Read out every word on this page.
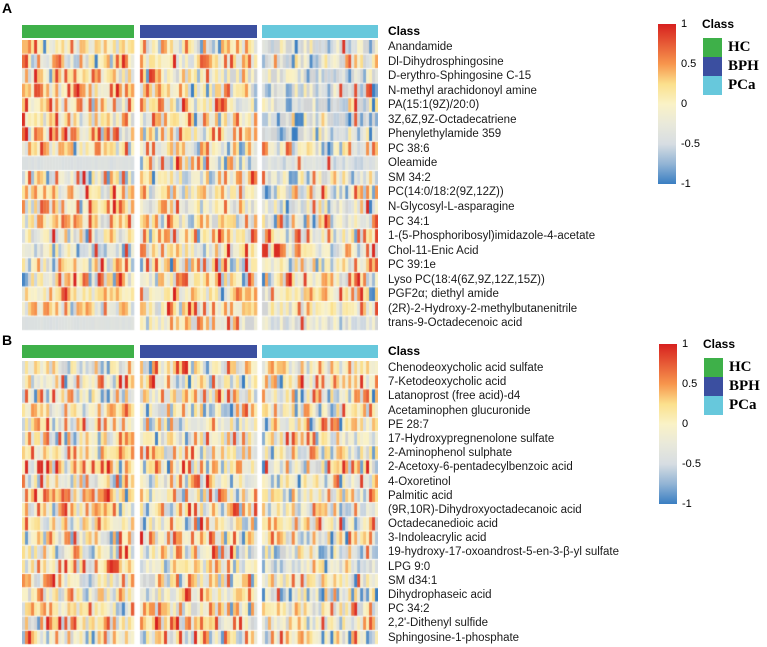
A
Class
Anandamide
Dl-Dihydrosphingosine
D-erythro-Sphingosine C-15
N-methyl arachidonoyl amine
PA(15:1(9Z)/20:0)
3Z,6Z,9Z-Octadecatriene
Phenylethylamide 359
PC 38:6
Oleamide
SM 34:2
PC(14:0/18:2(9Z,12Z))
N-Glycosyl-L-asparagine
PC 34:1
1-(5-Phosphoribosyl)imidazole-4-acetate
Chol-11-Enic Acid
PC 39:1e
Lyso PC(18:4(6Z,9Z,12Z,15Z))
PGF2α; diethyl amide
(2R)-2-Hydroxy-2-methylbutanenitrile
trans-9-Octadecenoic acid
1
0.5
0
-0.5
-1
Class
HC
BPH
PCa
B
Class
Chenodeoxycholic acid sulfate
7-Ketodeoxycholic acid
Latanoprost (free acid)-d4
Acetaminophen glucuronide
PE 28:7
17-Hydroxypregnenolone sulfate
2-Aminophenol sulphate
2-Acetoxy-6-pentadecylbenzoic acid
4-Oxoretinol
Palmitic acid
(9R,10R)-Dihydroxyoctadecanoic acid
Octadecanedioic acid
3-Indoleacrylic acid
19-hydroxy-17-oxoandrost-5-en-3-β-yl sulfate
LPG 9:0
SM d34:1
Dihydrophaseic acid
PC 34:2
2,2'-Dithenyl sulfide
Sphingosine-1-phosphate
1
0.5
0
-0.5
-1
Class
HC
BPH
PCa
